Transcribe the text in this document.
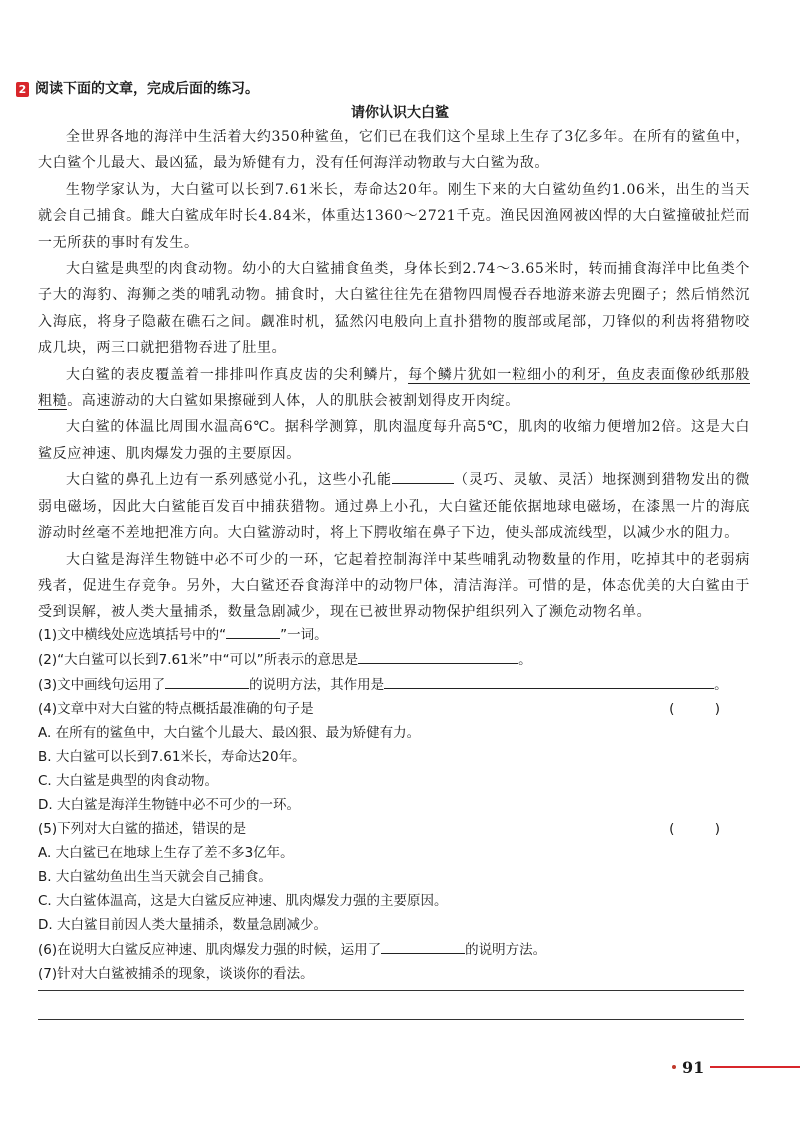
2 阅读下面的文章，完成后面的练习。
请你认识大白鲨

全世界各地的海洋中生活着大约350种鲨鱼，它们已在我们这个星球上生存了3亿多年。在所有的鲨鱼中，大白鲨个儿最大、最凶猛，最为矫健有力，没有任何海洋动物敢与大白鲨为敌。

生物学家认为，大白鲨可以长到7.61米长，寿命达20年。刚生下来的大白鲨幼鱼约1.06米，出生的当天就会自己捕食。雌大白鲨成年时长4.84米，体重达1360～2721千克。渔民因渔网被凶悍的大白鲨撞破扯烂而一无所获的事时有发生。

大白鲨是典型的肉食动物。幼小的大白鲨捕食鱼类，身体长到2.74～3.65米时，转而捕食海洋中比鱼类个子大的海豹、海狮之类的哺乳动物。捕食时，大白鲨往往先在猎物四周慢吞吞地游来游去兜圈子；然后悄然沉入海底，将身子隐蔽在礁石之间。觑准时机，猛然闪电般向上直扑猎物的腹部或尾部，刀锋似的利齿将猎物咬成几块，两三口就把猎物吞进了肚里。

大白鲨的表皮覆盖着一排排叫作真皮齿的尖利鳞片，每个鳞片犹如一粒细小的利牙，鱼皮表面像砂纸那般粗糙。高速游动的大白鲨如果擦碰到人体，人的肌肤会被割划得皮开肉绽。

大白鲨的体温比周围水温高6℃。据科学测算，肌肉温度每升高5℃，肌肉的收缩力便增加2倍。这是大白鲨反应神速、肌肉爆发力强的主要原因。

大白鲨的鼻孔上边有一系列感觉小孔，这些小孔能	（灵巧、灵敏、灵活）地探测到猎物发出的微弱电磁场，因此大白鲨能百发百中捕获猎物。通过鼻上小孔，大白鲨还能依据地球电磁场，在漆黑一片的海底游动时丝毫不差地把准方向。大白鲨游动时，将上下腭收缩在鼻子下边，使头部成流线型，以减少水的阻力。

大白鲨是海洋生物链中必不可少的一环，它起着控制海洋中某些哺乳动物数量的作用，吃掉其中的老弱病残者，促进生存竞争。另外，大白鲨还吞食海洋中的动物尸体，清洁海洋。可惜的是，体态优美的大白鲨由于受到误解，被人类大量捕杀，数量急剧减少，现在已被世界动物保护组织列入了濒危动物名单。

(1)文中横线处应选填括号中的“	”一词。
(2)“大白鲨可以长到7.61米”中“可以”所表示的意思是	。
(3)文中画线句运用了	的说明方法，其作用是	。
(4)文章中对大白鲨的特点概括最准确的句子是	( )
A. 在所有的鲨鱼中，大白鲨个儿最大、最凶狠、最为矫健有力。
B. 大白鲨可以长到7.61米长，寿命达20年。
C. 大白鲨是典型的肉食动物。
D. 大白鲨是海洋生物链中必不可少的一环。
(5)下列对大白鲨的描述，错误的是	( )
A. 大白鲨已在地球上生存了差不多3亿年。
B. 大白鲨幼鱼出生当天就会自己捕食。
C. 大白鲨体温高，这是大白鲨反应神速、肌肉爆发力强的主要原因。
D. 大白鲨目前因人类大量捕杀，数量急剧减少。
(6)在说明大白鲨反应神速、肌肉爆发力强的时候，运用了	的说明方法。
(7)针对大白鲨被捕杀的现象，谈谈你的看法。
91
